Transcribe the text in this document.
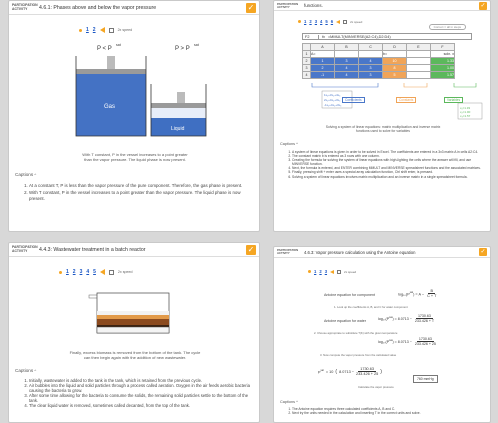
PARTICIPATION ACTIVITY	4.6.1: Phases above and below the vapor pressure	✓
1 2	2x speed
P < P
sat
P > P
sat
Gas
Liquid
With T constant, P in the vessel increases to a point greater
than the vapor pressure. The liquid phase is now present.
Captions ^
1. At a constant T, P is less than the vapor pressure of the pure component. Therefore, the gas phase is present.
2. With T constant, P in the vessel increases to a point greater than the vapor pressure. The liquid phase is now present.
PARTICIPATION ACTIVITY	functions.	✓
1 2 3 4 5 6	2x speed
Correct = all in steps
F2	fx =MMULT(MINVERSE(A2:C4),D2:D4)
	A	B	C	D	E	F
1	A=			b=		soln. x
2	1	3	4	10		1.33
3	2	4	3	8		1.00
4	-1	4	3	5		1.57
1x₁+3x₂+4x₃
2x₁+4x₂+3x₃
-1x₁+4x₂+3x₃
x₁=1.33
x₂=1.00
x₃=1.57
Coefficients	Constants	Variables
Solving a system of linear equations: matrix multiplication and inverse matrix
functions used to solve for variables
Captions ^
1. A system of linear equations is given in order to be solved in Excel. The coefficients are entered in a 3x3 matrix A in cells A2:C4.
2. The constant matrix b is entered as 3 rows with one column.
3. Creating the formula for solving the system of linear equations with high-lighting the cells where the answer will fill, and use MINVERSE function.
4. Next, the formula is entered, and ENTER combining MMULT and MINVERSE spreadsheet functions and the associated matrices.
5. Finally, pressing shift + enter uses a special array calculation function, Ctrl shift enter, is pressed.
6. Solving a system of linear equations involves matrix multiplication and an inverse matrix in a single spreadsheet formula.
PARTICIPATION ACTIVITY	4.4.3: Wastewater treatment in a batch reactor	✓
1 2 3 4 5	2x speed
Finally, excess biomass is removed from the bottom of the tank. The cycle
can then begin again with the addition of new wastewater.
Captions ^
1. Initially, wastewater is added to the tank in the tank, which is retained from the previous cycle.
2. Air bubbles into the liquid and solid particles through a process called aeration. Oxygen in the air feeds aerobic bacteria causing the bacteria to grow.
3. After some time allowing for the bacteria to consume the solids, the remaining solid particles settle to the bottom of the tank.
4. The clear liquid water is removed, sometimes called decanted, from the top of the tank.
PARTICIPATION ACTIVITY	4.6.3: Vapor pressure calculation using the Antoine equation	✓
1 2 3	2x speed
Antoine equation for component	$\log_{10}(P^{sat}) = A - \frac{B}{C + T}$
1. Look up the coefficients A, B, and C for water component
Antoine equation for water	$\log_{10}(P^{sat}) = 8.0713 - \frac{1730.63}{233.426 + T}$
2. Choose appropriate to substitute T(K) with the given temperature
$\log_{10}(P^{sat}) = 8.0713 - \frac{1730.63}{233.426 + 25}$
3. Now compute the vapor pressure from the calculated value
$P^{sat} = 10$ ( $8.0713 - \frac{1730.63}{233.426 + 25}$ )
760 mmHg
Calculate the vapor pressure
Captions ^
1. The Antoine equation requires three calculated coefficients A, B and C.
2. Next try the units needed in the calculation and inserting T in the correct units and solve.
